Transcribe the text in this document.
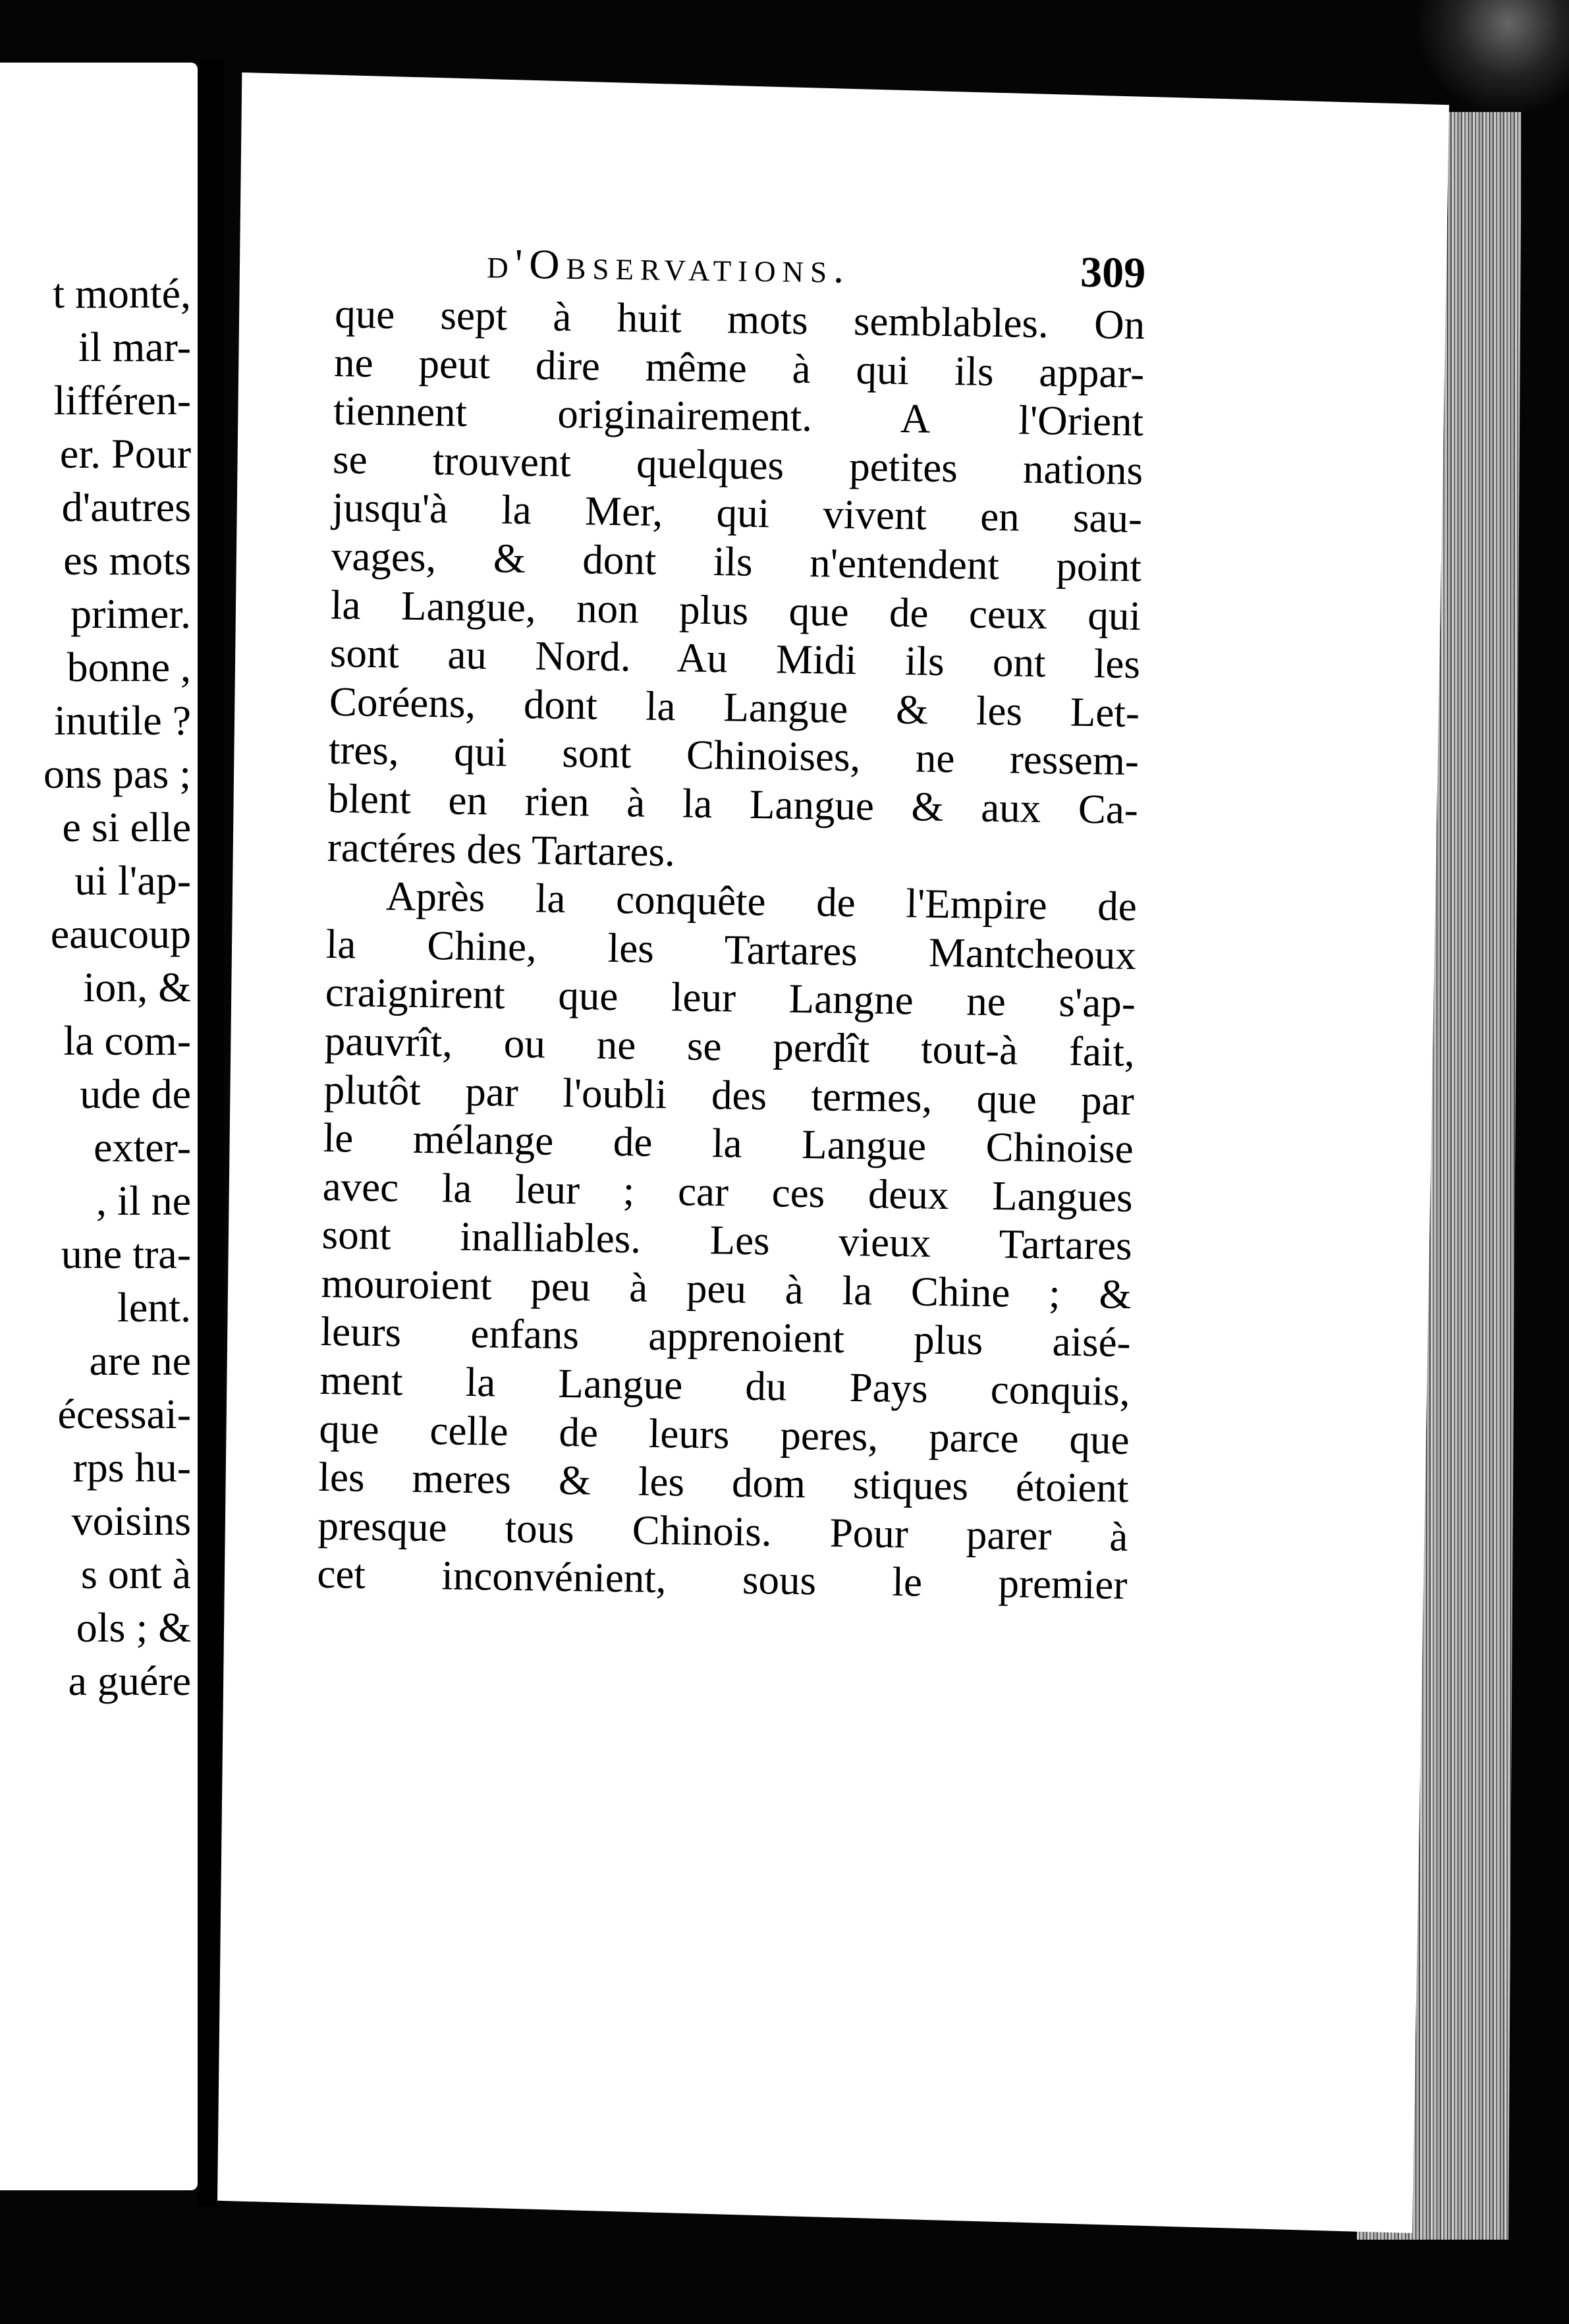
t monté,
il mar-
lifféren-
er. Pour
d'autres
es mots
primer.
bonne ,
inutile ?
ons pas ;
e si elle
ui l'ap-
eaucoup
ion, &
la com-
ude de
exter-
, il ne
une tra-
lent.
are ne
écessai-
rps hu-
voisins
s ont à
ols ; &
a guére
d'Observations.	309
que sept à huit mots semblables. On
ne peut dire même à qui ils appar-
tiennent originairement. A l'Orient
se trouvent quelques petites nations
jusqu'à la Mer, qui vivent en sau-
vages, & dont ils n'entendent point
la Langue, non plus que de ceux qui
sont au Nord. Au Midi ils ont les
Coréens, dont la Langue & les Let-
tres, qui sont Chinoises, ne ressem-
blent en rien à la Langue & aux Ca-
ractéres des Tartares.
Après la conquête de l'Empire de
la Chine, les Tartares Mantcheoux
craignirent que leur Langne ne s'ap-
pauvrît, ou ne se perdît tout-à fait,
plutôt par l'oubli des termes, que par
le mélange de la Langue Chinoise
avec la leur ; car ces deux Langues
sont inalliables. Les vieux Tartares
mouroient peu à peu à la Chine ; &
leurs enfans apprenoient plus aisé-
ment la Langue du Pays conquis,
que celle de leurs peres, parce que
les meres & les dom stiques étoient
presque tous Chinois. Pour parer à
cet inconvénient, sous le premier
